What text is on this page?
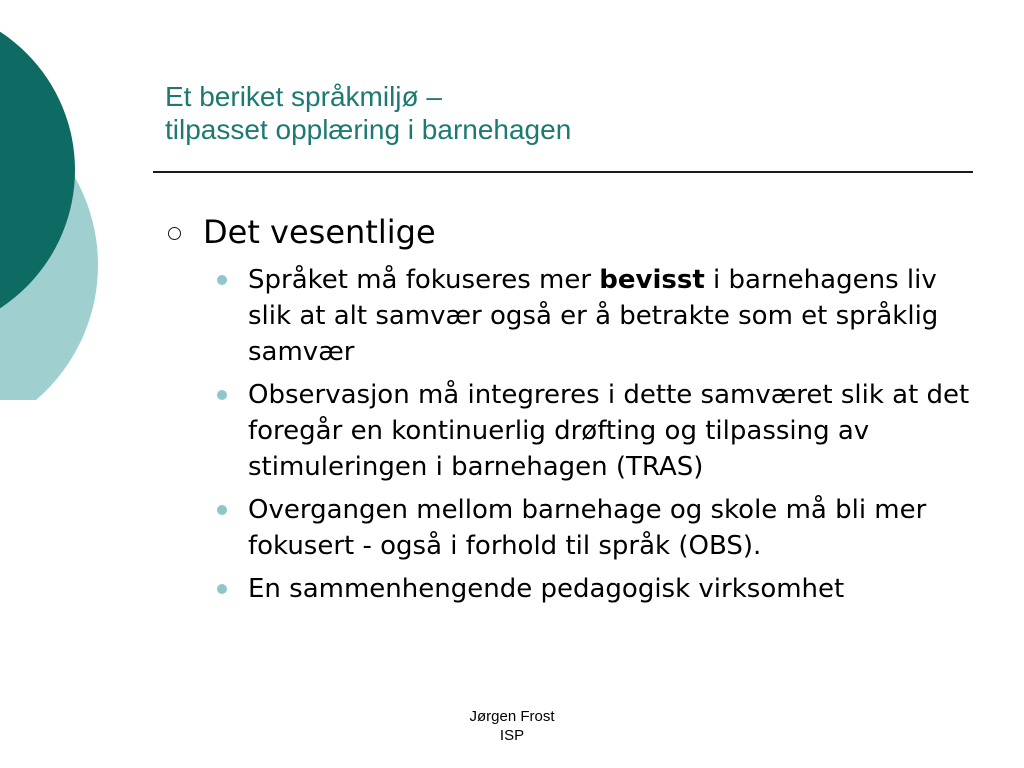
Et beriket språkmiljø –
tilpasset opplæring i barnehagen
Det vesentlige
Språket må fokuseres mer bevisst i barnehagens liv slik at alt samvær også er å betrakte som et språklig samvær
Observasjon må integreres i dette samværet slik at det foregår en kontinuerlig drøfting og tilpassing av stimuleringen i barnehagen (TRAS)
Overgangen mellom barnehage og skole må bli mer fokusert - også i forhold til språk (OBS).
En sammenhengende pedagogisk virksomhet
Jørgen Frost
ISP
